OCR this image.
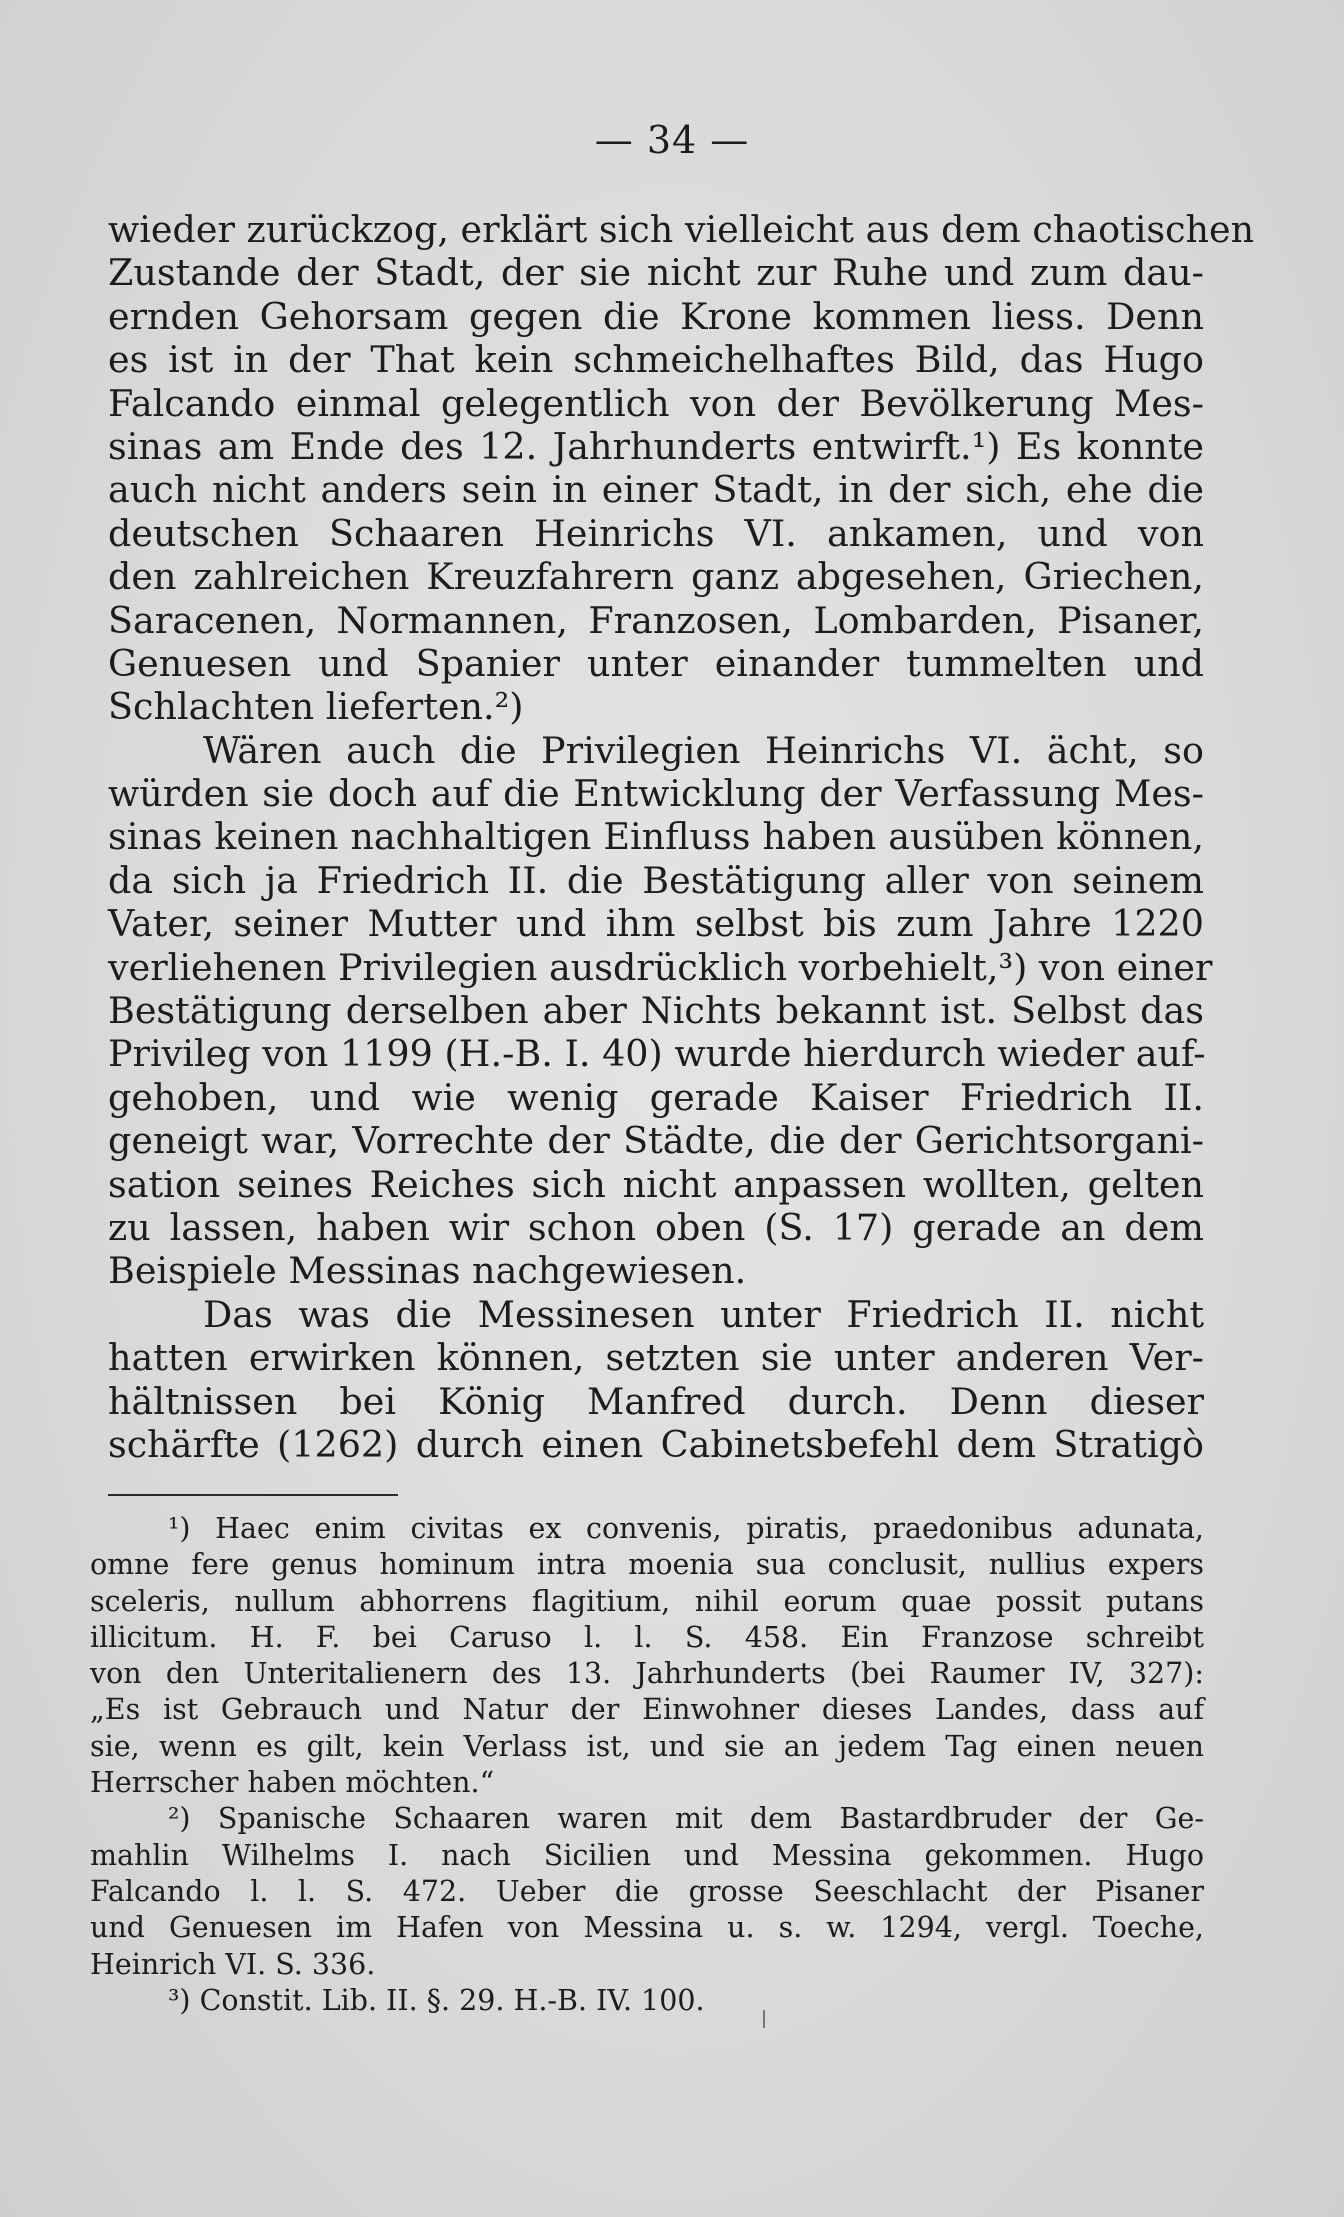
— 34 —
wieder zurückzog, erklärt sich vielleicht aus dem chaotischen
Zustande der Stadt, der sie nicht zur Ruhe und zum dau-
ernden Gehorsam gegen die Krone kommen liess. Denn
es ist in der That kein schmeichelhaftes Bild, das Hugo
Falcando einmal gelegentlich von der Bevölkerung Mes-
sinas am Ende des 12. Jahrhunderts entwirft.¹) Es konnte
auch nicht anders sein in einer Stadt, in der sich, ehe die
deutschen Schaaren Heinrichs VI. ankamen, und von
den zahlreichen Kreuzfahrern ganz abgesehen, Griechen,
Saracenen, Normannen, Franzosen, Lombarden, Pisaner,
Genuesen und Spanier unter einander tummelten und
Schlachten lieferten.²)
Wären auch die Privilegien Heinrichs VI. ächt, so
würden sie doch auf die Entwicklung der Verfassung Mes-
sinas keinen nachhaltigen Einfluss haben ausüben können,
da sich ja Friedrich II. die Bestätigung aller von seinem
Vater, seiner Mutter und ihm selbst bis zum Jahre 1220
verliehenen Privilegien ausdrücklich vorbehielt,³) von einer
Bestätigung derselben aber Nichts bekannt ist. Selbst das
Privileg von 1199 (H.-B. I. 40) wurde hierdurch wieder auf-
gehoben, und wie wenig gerade Kaiser Friedrich II.
geneigt war, Vorrechte der Städte, die der Gerichtsorgani-
sation seines Reiches sich nicht anpassen wollten, gelten
zu lassen, haben wir schon oben (S. 17) gerade an dem
Beispiele Messinas nachgewiesen.
Das was die Messinesen unter Friedrich II. nicht
hatten erwirken können, setzten sie unter anderen Ver-
hältnissen bei König Manfred durch. Denn dieser
schärfte (1262) durch einen Cabinetsbefehl dem Stratigò
¹) Haec enim civitas ex convenis, piratis, praedonibus adunata,
omne fere genus hominum intra moenia sua conclusit, nullius expers
sceleris, nullum abhorrens flagitium, nihil eorum quae possit putans
illicitum. H. F. bei Caruso l. l. S. 458. Ein Franzose schreibt
von den Unteritalienern des 13. Jahrhunderts (bei Raumer IV, 327):
„Es ist Gebrauch und Natur der Einwohner dieses Landes, dass auf
sie, wenn es gilt, kein Verlass ist, und sie an jedem Tag einen neuen
Herrscher haben möchten.“
²) Spanische Schaaren waren mit dem Bastardbruder der Ge-
mahlin Wilhelms I. nach Sicilien und Messina gekommen. Hugo
Falcando l. l. S. 472. Ueber die grosse Seeschlacht der Pisaner
und Genuesen im Hafen von Messina u. s. w. 1294, vergl. Toeche,
Heinrich VI. S. 336.
³) Constit. Lib. II. §. 29. H.-B. IV. 100.
